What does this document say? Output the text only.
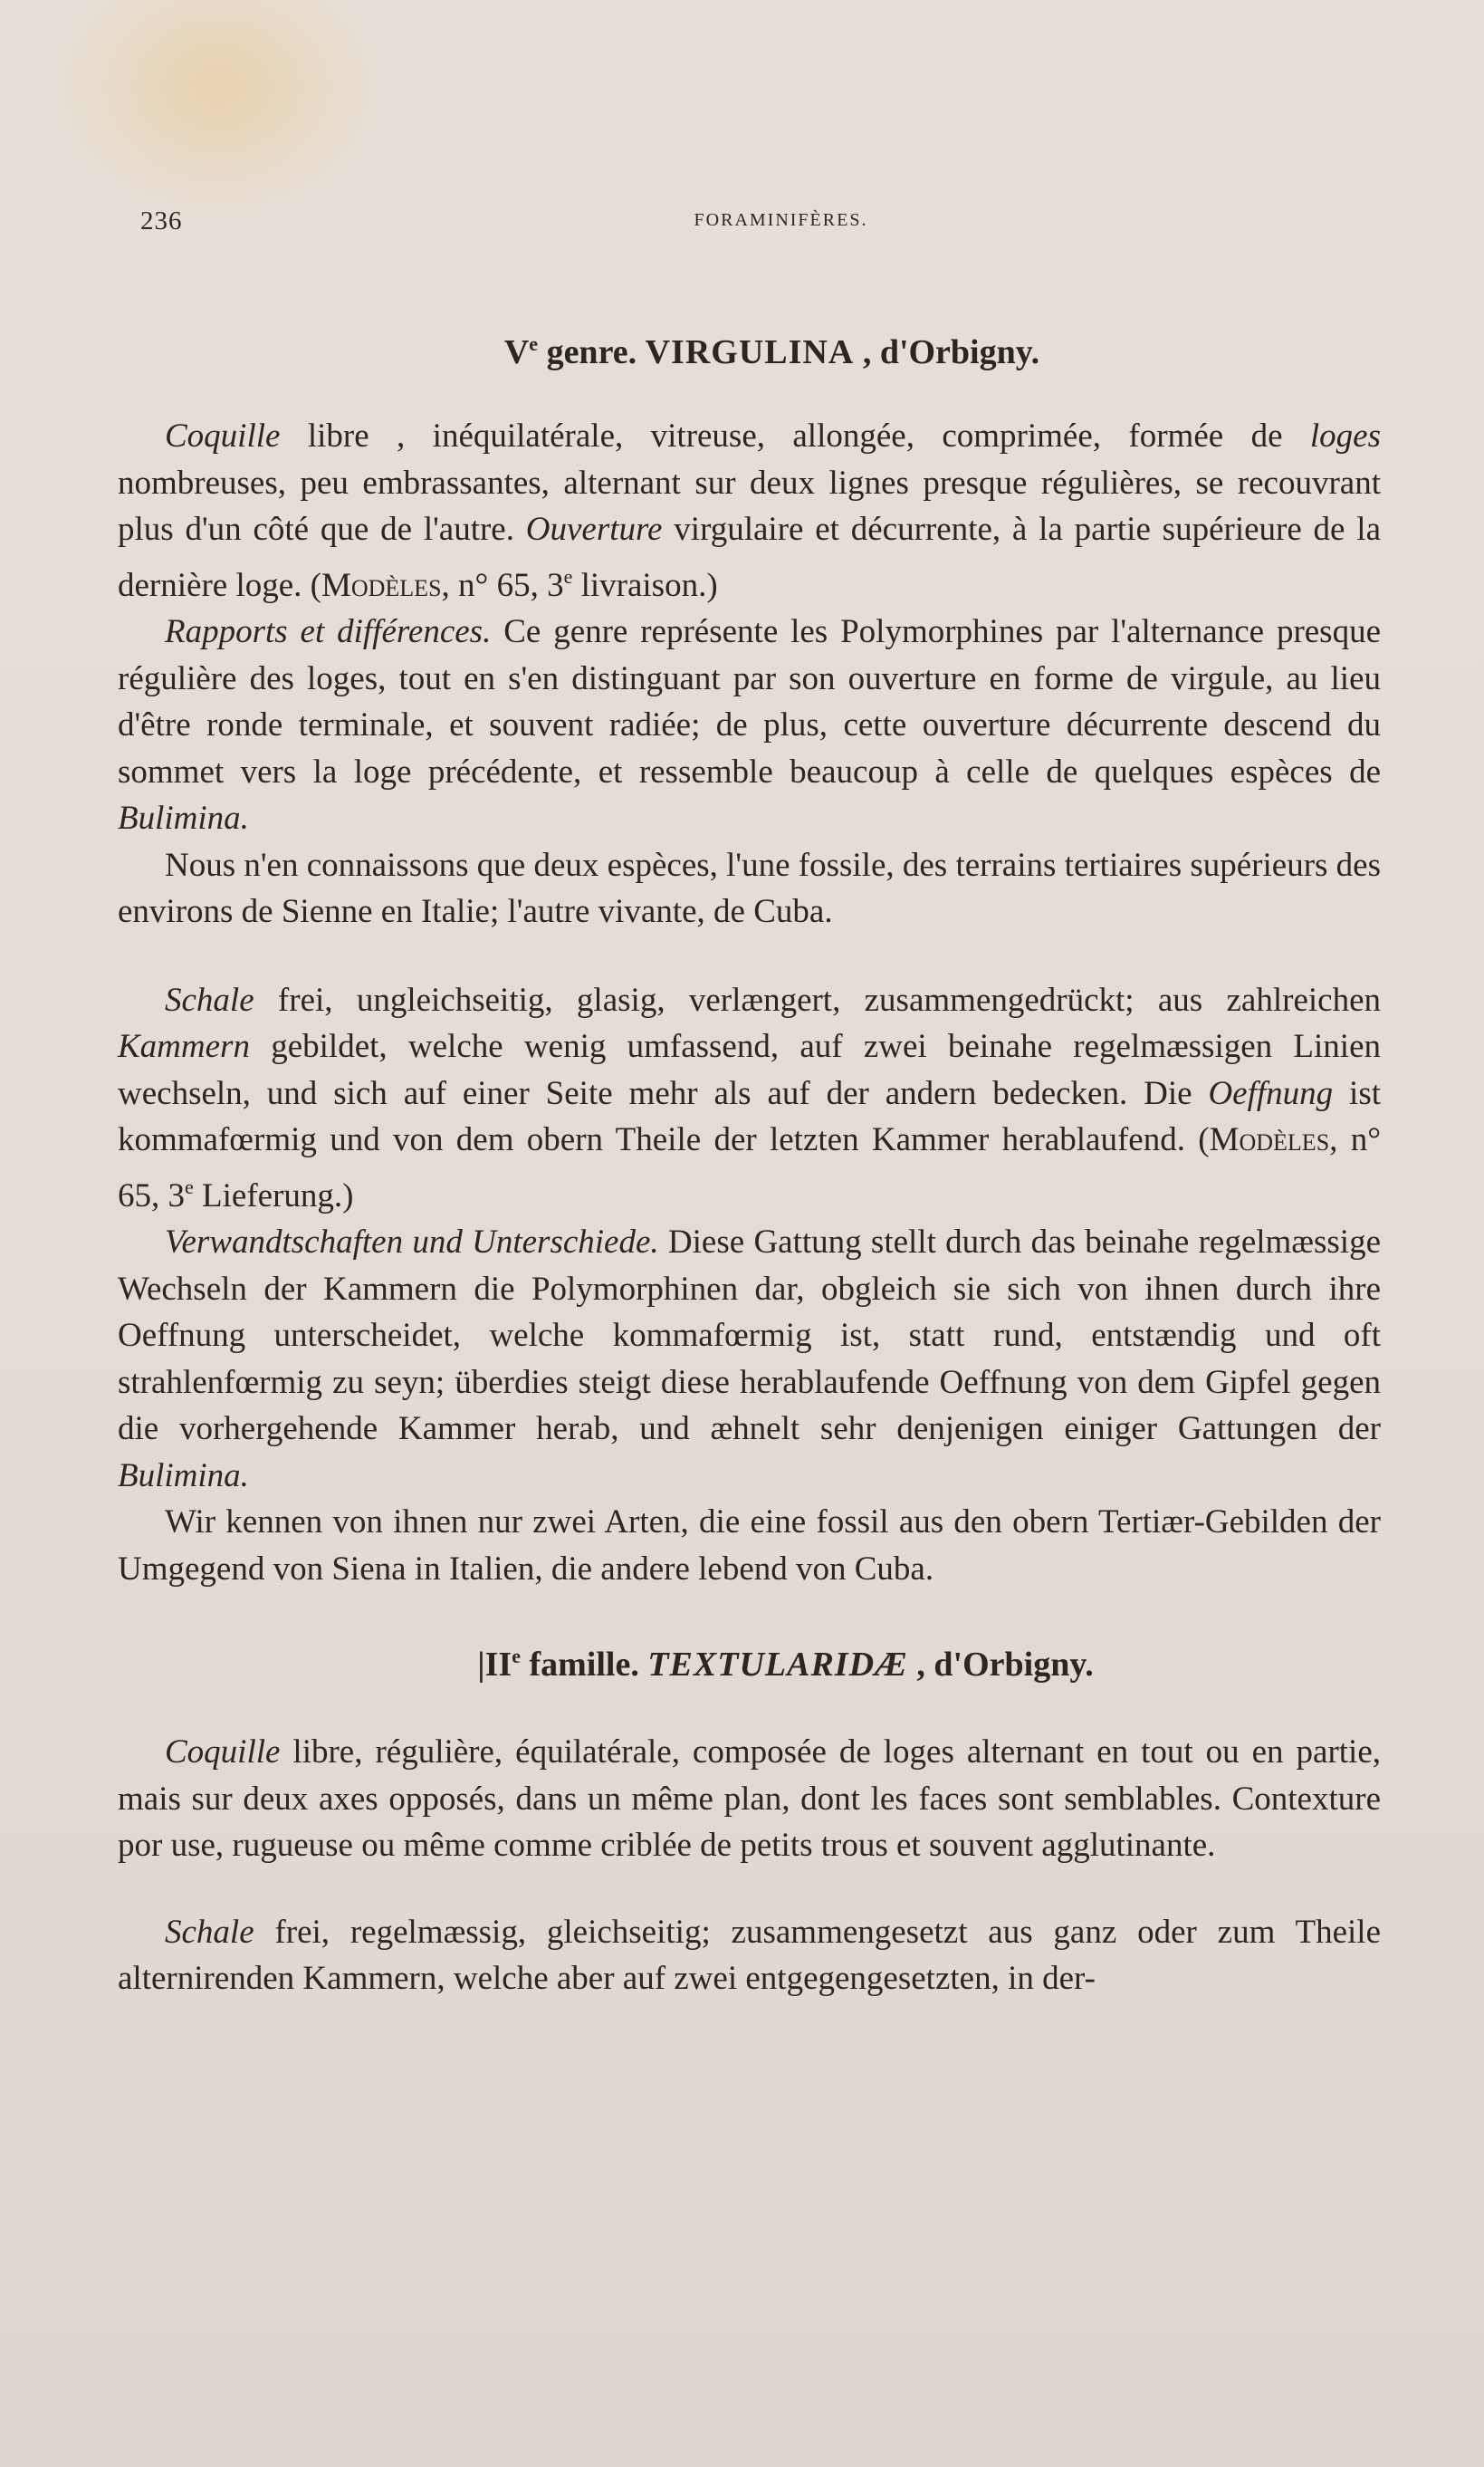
236	FORAMINIFÈRES.
Ve genre. VIRGULINA , d'Orbigny.

Coquille libre , inéquilatérale, vitreuse, allongée, comprimée, formée de loges nombreuses, peu embrassantes, alternant sur deux lignes presque régulières, se recouvrant plus d'un côté que de l'autre. Ouverture virgulaire et décurrente, à la partie supérieure de la dernière loge. (Modèles, n° 65, 3e livraison.)

Rapports et différences. Ce genre représente les Polymorphines par l'alternance presque régulière des loges, tout en s'en distinguant par son ouverture en forme de virgule, au lieu d'être ronde terminale, et souvent radiée; de plus, cette ouverture décurrente descend du sommet vers la loge précédente, et ressemble beaucoup à celle de quelques espèces de Bulimina.

Nous n'en connaissons que deux espèces, l'une fossile, des terrains tertiaires supérieurs des environs de Sienne en Italie; l'autre vivante, de Cuba.

Schale frei, ungleichseitig, glasig, verlængert, zusammengedrückt; aus zahlreichen Kammern gebildet, welche wenig umfassend, auf zwei beinahe regelmæssigen Linien wechseln, und sich auf einer Seite mehr als auf der andern bedecken. Die Oeffnung ist kommafœrmig und von dem obern Theile der letzten Kammer herablaufend. (Modèles, n° 65, 3e Lieferung.)

Verwandtschaften und Unterschiede. Diese Gattung stellt durch das beinahe regelmæssige Wechseln der Kammern die Polymorphinen dar, obgleich sie sich von ihnen durch ihre Oeffnung unterscheidet, welche kommafœrmig ist, statt rund, entstændig und oft strahlenfœrmig zu seyn; überdies steigt diese herablaufende Oeffnung von dem Gipfel gegen die vorhergehende Kammer herab, und æhnelt sehr denjenigen einiger Gattungen der Bulimina.

Wir kennen von ihnen nur zwei Arten, die eine fossil aus den obern Tertiær-Gebilden der Umgegend von Siena in Italien, die andere lebend von Cuba.

|IIe famille. TEXTULARIDÆ , d'Orbigny.

Coquille libre, régulière, équilatérale, composée de loges alternant en tout ou en partie, mais sur deux axes opposés, dans un même plan, dont les faces sont semblables. Contexture por use, rugueuse ou même comme criblée de petits trous et souvent agglutinante.

Schale frei, regelmæssig, gleichseitig; zusammengesetzt aus ganz oder zum Theile alternirenden Kammern, welche aber auf zwei entgegengesetzten, in der-
